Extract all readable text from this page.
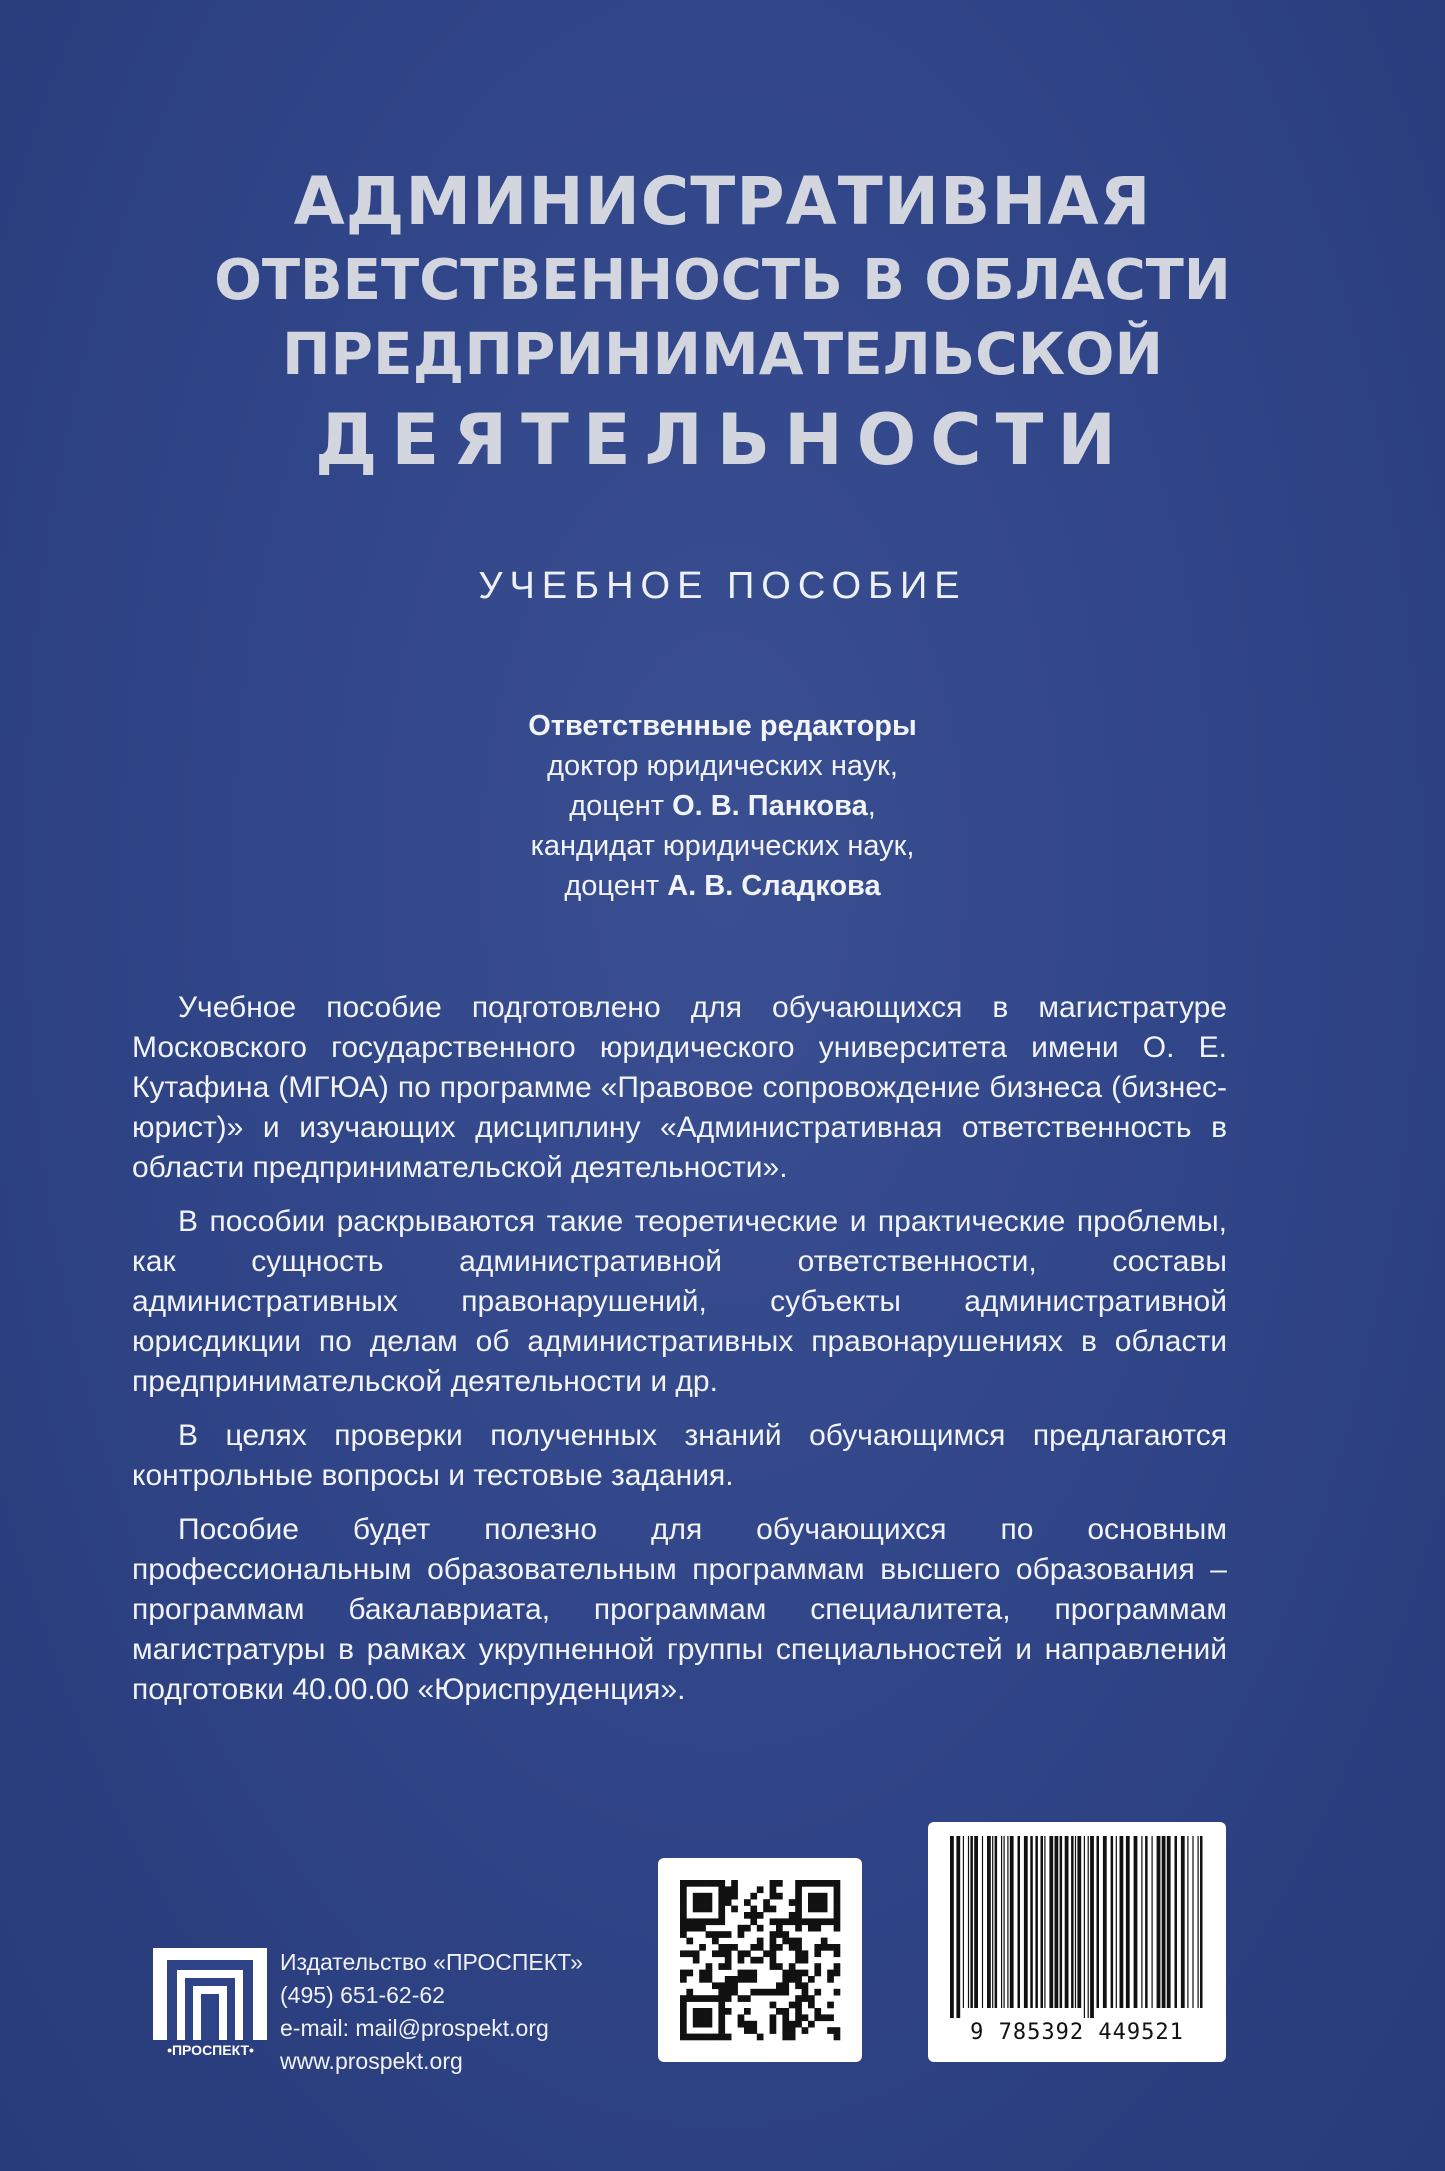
АДМИНИСТРАТИВНАЯ
ОТВЕТСТВЕННОСТЬ В ОБЛАСТИ
ПРЕДПРИНИМАТЕЛЬСКОЙ
ДЕЯТЕЛЬНОСТИ
УЧЕБНОЕ ПОСОБИЕ
Ответственные редакторы
доктор юридических наук,
доцент О. В. Панкова,
кандидат юридических наук,
доцент А. В. Сладкова

Учебное пособие подготовлено для обучающихся в магистратуре Московского государственного юридического университета имени О. Е. Кутафина (МГЮА) по программе «Правовое сопровождение бизнеса (бизнес-юрист)» и изучающих дисциплину «Административная ответственность в области предпринимательской деятельности».

В пособии раскрываются такие теоретические и практические проблемы, как сущность административной ответственности, составы административных правонарушений, субъекты административной юрисдикции по делам об административных правонарушениях в области предпринимательской деятельности и др.

В целях проверки полученных знаний обучающимся предлагаются контрольные вопросы и тестовые задания.

Пособие будет полезно для обучающихся по основным профессиональным образовательным программам высшего образования – программам бакалавриата, программам специалитета, программам магистратуры в рамках укрупненной группы специальностей и направлений подготовки 40.00.00 «Юриспруденция».

•ПРОСПЕКТ•
Издательство «ПРОСПЕКТ»
(495) 651-62-62
e-mail: mail@prospekt.org
www.prospekt.org
9 785392 449521
